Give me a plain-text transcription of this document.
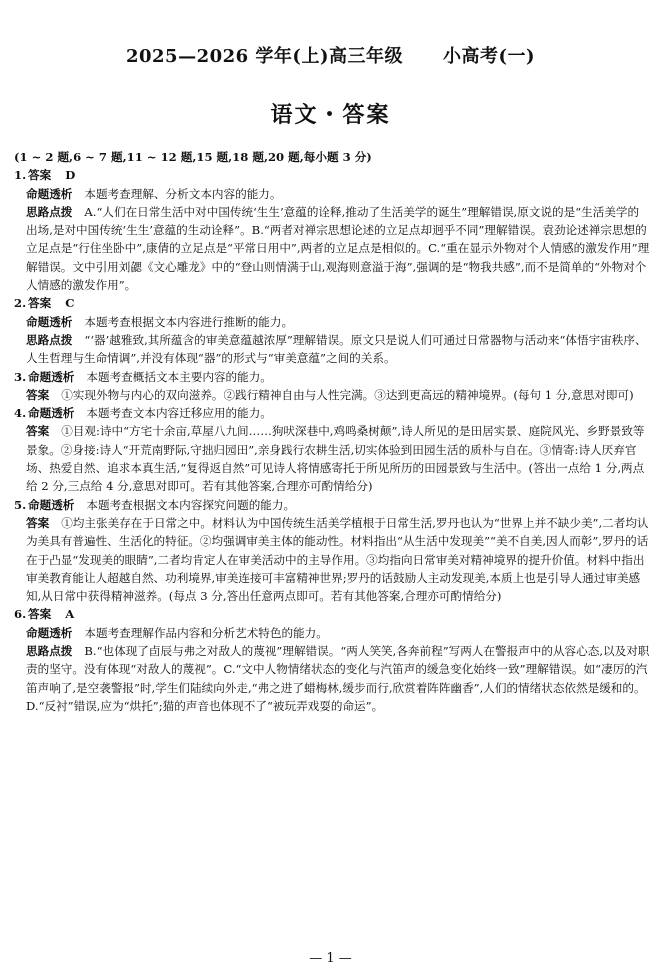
2025—2026 学年(上)高三年级 小高考(一)
语文・答案

(1 ~ 2 题,6 ~ 7 题,11 ~ 12 题,15 题,18 题,20 题,每小题 3 分)

1. 答案 D

命题透析 本题考查理解、分析文本内容的能力。

思路点拨 A.“人们在日常生活中对中国传统‘生生’意蕴的诠释,推动了生活美学的诞生”理解错误,原文说的是“生活美学的出场,是对中国传统‘生生’意蕴的生动诠释”。B.“两者对禅宗思想论述的立足点却迥乎不同”理解错误。袁劲论述禅宗思想的立足点是“行住坐卧中”,康倩的立足点是“平常日用中”,两者的立足点是相似的。C.“重在显示外物对个人情感的激发作用”理解错误。文中引用刘勰《文心雕龙》中的“登山则情满于山,观海则意溢于海”,强调的是“物我共感”,而不是简单的“外物对个人情感的激发作用”。

2. 答案 C

命题透析 本题考查根据文本内容进行推断的能力。

思路点拨 “‘器’越雅致,其所蕴含的审美意蕴越浓厚”理解错误。原文只是说人们可通过日常器物与活动来“体悟宇宙秩序、人生哲理与生命情调”,并没有体现“器”的形式与“审美意蕴”之间的关系。

3. 命题透析 本题考查概括文本主要内容的能力。

答案 ①实现外物与内心的双向滋养。②践行精神自由与人性完满。③达到更高远的精神境界。(每句 1 分,意思对即可)

4. 命题透析 本题考查文本内容迁移应用的能力。

答案 ①目观:诗中“方宅十余亩,草屋八九间……狗吠深巷中,鸡鸣桑树颠”,诗人所见的是田居实景、庭院风光、乡野景致等景象。②身接:诗人“开荒南野际,守拙归园田”,亲身践行农耕生活,切实体验到田园生活的质朴与自在。③情寄:诗人厌弃官场、热爱自然、追求本真生活,“复得返自然”可见诗人将情感寄托于所见所历的田园景致与生活中。(答出一点给 1 分,两点给 2 分,三点给 4 分,意思对即可。若有其他答案,合理亦可酌情给分)

5. 命题透析 本题考查根据文本内容探究问题的能力。

答案 ①均主张美存在于日常之中。材料认为中国传统生活美学植根于日常生活,罗丹也认为“世界上并不缺少美”,二者均认为美具有普遍性、生活化的特征。②均强调审美主体的能动性。材料指出“从生活中发现美”“美不自美,因人而彰”,罗丹的话在于凸显“发现美的眼睛”,二者均肯定人在审美活动中的主导作用。③均指向日常审美对精神境界的提升价值。材料中指出审美教育能让人超越自然、功利境界,审美连接可丰富精神世界;罗丹的话鼓励人主动发现美,本质上也是引导人通过审美感知,从日常中获得精神滋养。(每点 3 分,答出任意两点即可。若有其他答案,合理亦可酌情给分)

6. 答案 A

命题透析 本题考查理解作品内容和分析艺术特色的能力。

思路点拨 B.“也体现了卣辰与弗之对敌人的蔑视”理解错误。“两人笑笑,各奔前程”写两人在警报声中的从容心态,以及对职责的坚守。没有体现“对敌人的蔑视”。C.“文中人物情绪状态的变化与汽笛声的缓急变化始终一致”理解错误。如“凄厉的汽笛声响了,是空袭警报”时,学生们陆续向外走,“弗之进了蜡梅林,缓步而行,欣赏着阵阵幽香”,人们的情绪状态依然是缓和的。D.“反衬”错误,应为“烘托”;猫的声音也体现不了“被玩弄戏耍的命运”。

— 1 —
